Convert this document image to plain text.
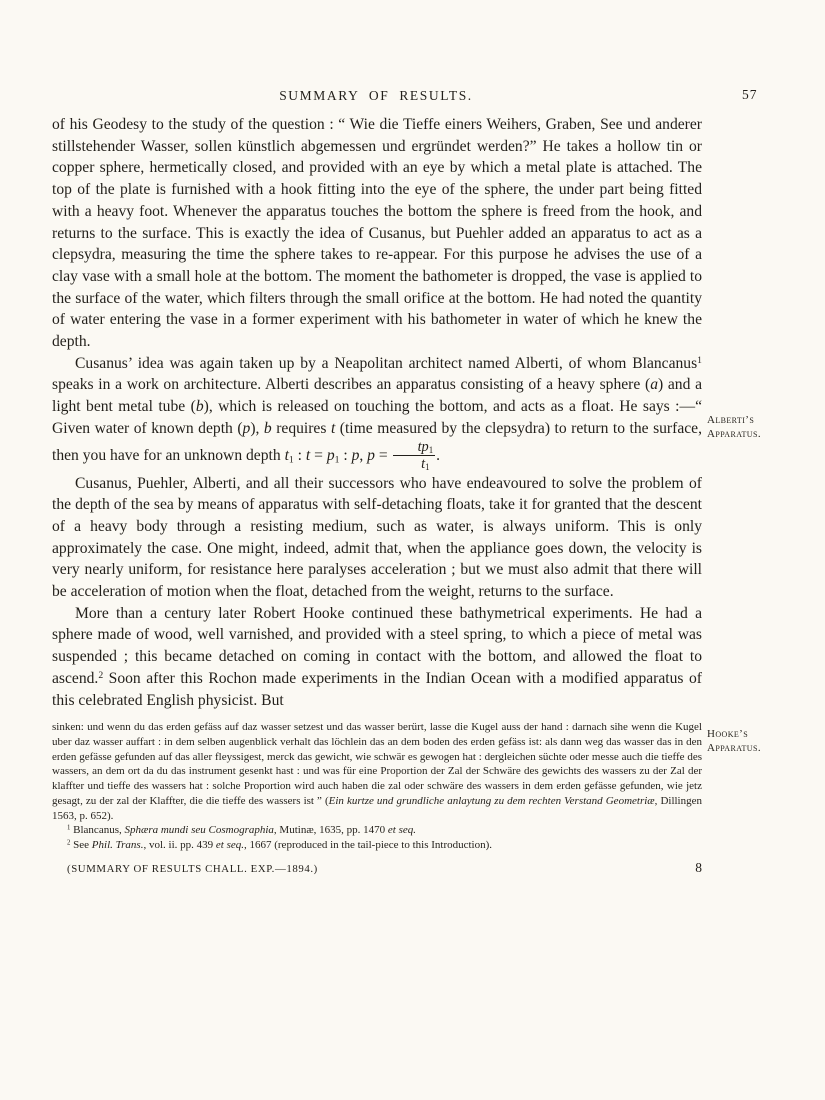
SUMMARY OF RESULTS.	57

of his Geodesy to the study of the question : “ Wie die Tieffe einers Weihers, Graben, See und anderer stillstehender Wasser, sollen künstlich abgemessen und ergründet werden?” He takes a hollow tin or copper sphere, hermetically closed, and provided with an eye by which a metal plate is attached. The top of the plate is furnished with a hook fitting into the eye of the sphere, the under part being fitted with a heavy foot. Whenever the apparatus touches the bottom the sphere is freed from the hook, and returns to the surface. This is exactly the idea of Cusanus, but Puehler added an apparatus to act as a clepsydra, measuring the time the sphere takes to re-appear. For this purpose he advises the use of a clay vase with a small hole at the bottom. The moment the bathometer is dropped, the vase is applied to the surface of the water, which filters through the small orifice at the bottom. He had noted the quantity of water entering the vase in a former experiment with his bathometer in water of which he knew the depth.

Cusanus’ idea was again taken up by a Neapolitan architect named Alberti, of whom Blancanus$^1$ speaks in a work on architecture. Alberti describes an apparatus consisting of a heavy sphere (a) and a light bent metal tube (b), which is released on touching the bottom, and acts as a float. He says :—“ Given water of known depth (p), b requires t (time measured by the clepsydra) to return to the surface, then you have for an unknown depth $t_1$ : $t = p_1$ : p, $p = \frac{tp_1}{t_1}$ .

Cusanus, Puehler, Alberti, and all their successors who have endeavoured to solve the problem of the depth of the sea by means of apparatus with self-detaching floats, take it for granted that the descent of a heavy body through a resisting medium, such as water, is always uniform. This is only approximately the case. One might, indeed, admit that, when the appliance goes down, the velocity is very nearly uniform, for resistance here paralyses acceleration ; but we must also admit that there will be acceleration of motion when the float, detached from the weight, returns to the surface.

More than a century later Robert Hooke continued these bathymetrical experiments. He had a sphere made of wood, well varnished, and provided with a steel spring, to which a piece of metal was suspended ; this became detached on coming in contact with the bottom, and allowed the float to ascend.$^2$ Soon after this Rochon made experiments in the Indian Ocean with a modified apparatus of this celebrated English physicist. But

sinken: und wenn du das erden gefäss auf daz wasser setzest und das wasser berürt, lasse die Kugel auss der hand : darnach sihe wenn die Kugel uber daz wasser auffart : in dem selben augenblick verhalt das löchlein das an dem boden des erden gefäss ist: als dann weg das wasser das in den erden gefässe gefunden auf das aller fleyssigest, merck das gewicht, wie schwär es gewogen hat : dergleichen süchte oder messe auch die tieffe des wassers, an dem ort da du das instrument gesenkt hast : und was für eine Proportion der Zal der Schwäre des gewichts des wassers zu der Zal der klaffter und tieffe des wassers hat : solche Proportion wird auch haben die zal oder schwäre des wassers in dem erden gefässe gefunden, wie jetz gesagt, zu der zal der Klaffter, die die tieffe des wassers ist ” (Ein kurtze und grundliche anlaytung zu dem rechten Verstand Geometriæ, Dillingen 1563, p. 652).

$^1$ Blancanus, Sphæra mundi seu Cosmographia, Mutinæ, 1635, pp. 1470 et seq.

$^2$ See Phil. Trans., vol. ii. pp. 439 et seq., 1667 (reproduced in the tail-piece to this Introduction).

(SUMMARY OF RESULTS CHALL. EXP.—1894.)	8
Alberti’s
Apparatus.
Hooke’s
Apparatus.
